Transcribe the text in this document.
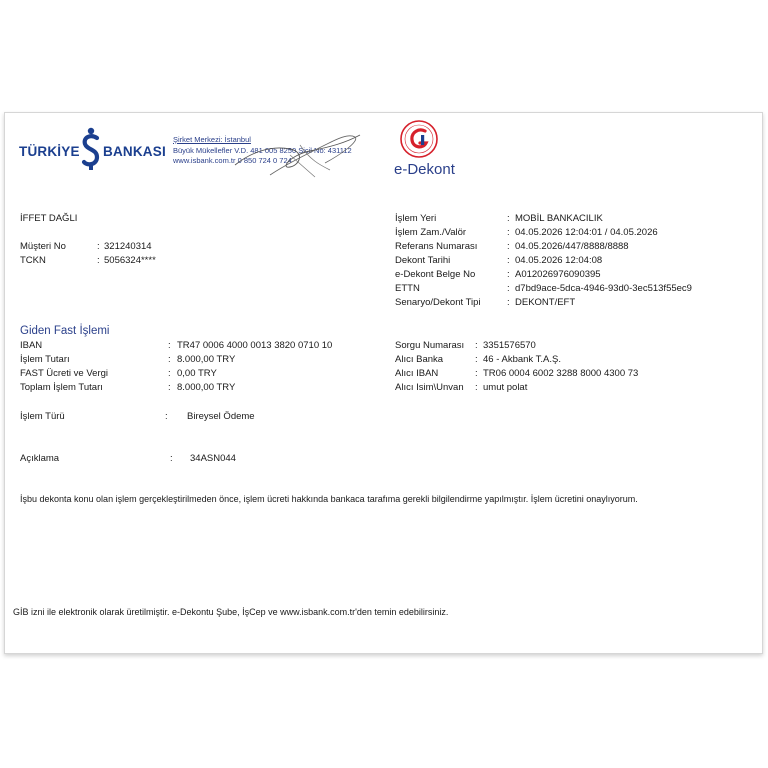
TÜRKİYE BANKASI
Şirket Merkezi: İstanbul
Büyük Mükellefler V.D. 481 005 8250 Sicil No: 431112
www.isbank.com.tr 0 850 724 0 724
e-Dekont
İFFET DAĞLI
Müşteri No	: 321240314
TCKN	: 5056324****
İşlem Yeri	: MOBİL BANKACILIK
İşlem Zam./Valör	: 04.05.2026 12:04:01 / 04.05.2026
Referans Numarası	: 04.05.2026/447/8888/8888
Dekont Tarihi	: 04.05.2026 12:04:08
e-Dekont Belge No	: A012026976090395
ETTN	: d7bd9ace-5dca-4946-93d0-3ec513f55ec9
Senaryo/Dekont Tipi	: DEKONT/EFT
Giden Fast İşlemi
IBAN	: TR47 0006 4000 0013 3820 0710 10
İşlem Tutarı	: 8.000,00 TRY
FAST Ücreti ve Vergi	: 0,00 TRY
Toplam İşlem Tutarı	: 8.000,00 TRY
Sorgu Numarası : 3351576570
Alıcı Banka	: 46 - Akbank T.A.Ş.
Alıcı IBAN	: TR06 0004 6002 3288 8000 4300 73
Alıcı Isim\Unvan : umut polat
İşlem Türü	: Bireysel Ödeme
Açıklama	: 34ASN044
İşbu dekonta konu olan işlem gerçekleştirilmeden önce, işlem ücreti hakkında bankaca tarafıma gerekli bilgilendirme yapılmıştır. İşlem ücretini onaylıyorum.
GİB izni ile elektronik olarak üretilmiştir. e-Dekontu Şube, İşCep ve www.isbank.com.tr'den temin edebilirsiniz.
